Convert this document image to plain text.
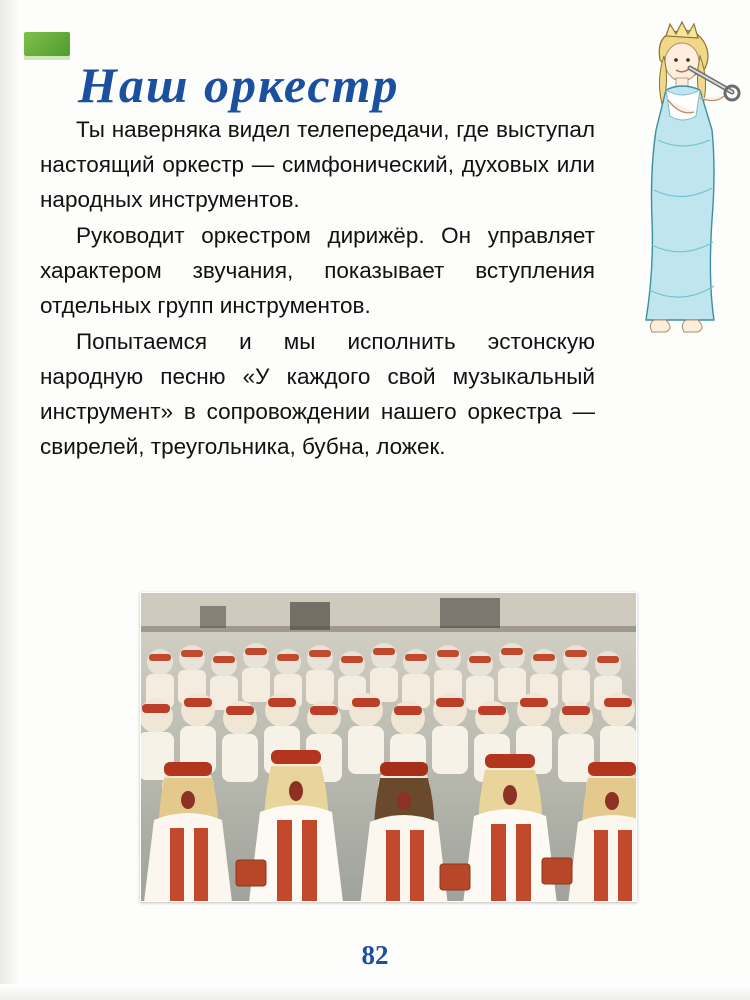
Наш оркестр

Ты наверняка видел телепередачи, где выступал настоящий оркестр — симфонический, духовых или народных инструментов.

Руководит оркестром дирижёр. Он управляет характером звучания, показывает вступления отдельных групп инструментов.

Попытаемся и мы исполнить эстонскую народную песню «У каждого свой музыкальный инструмент» в сопровождении нашего оркестра — свирелей, треугольника, бубна, ложек.

82
